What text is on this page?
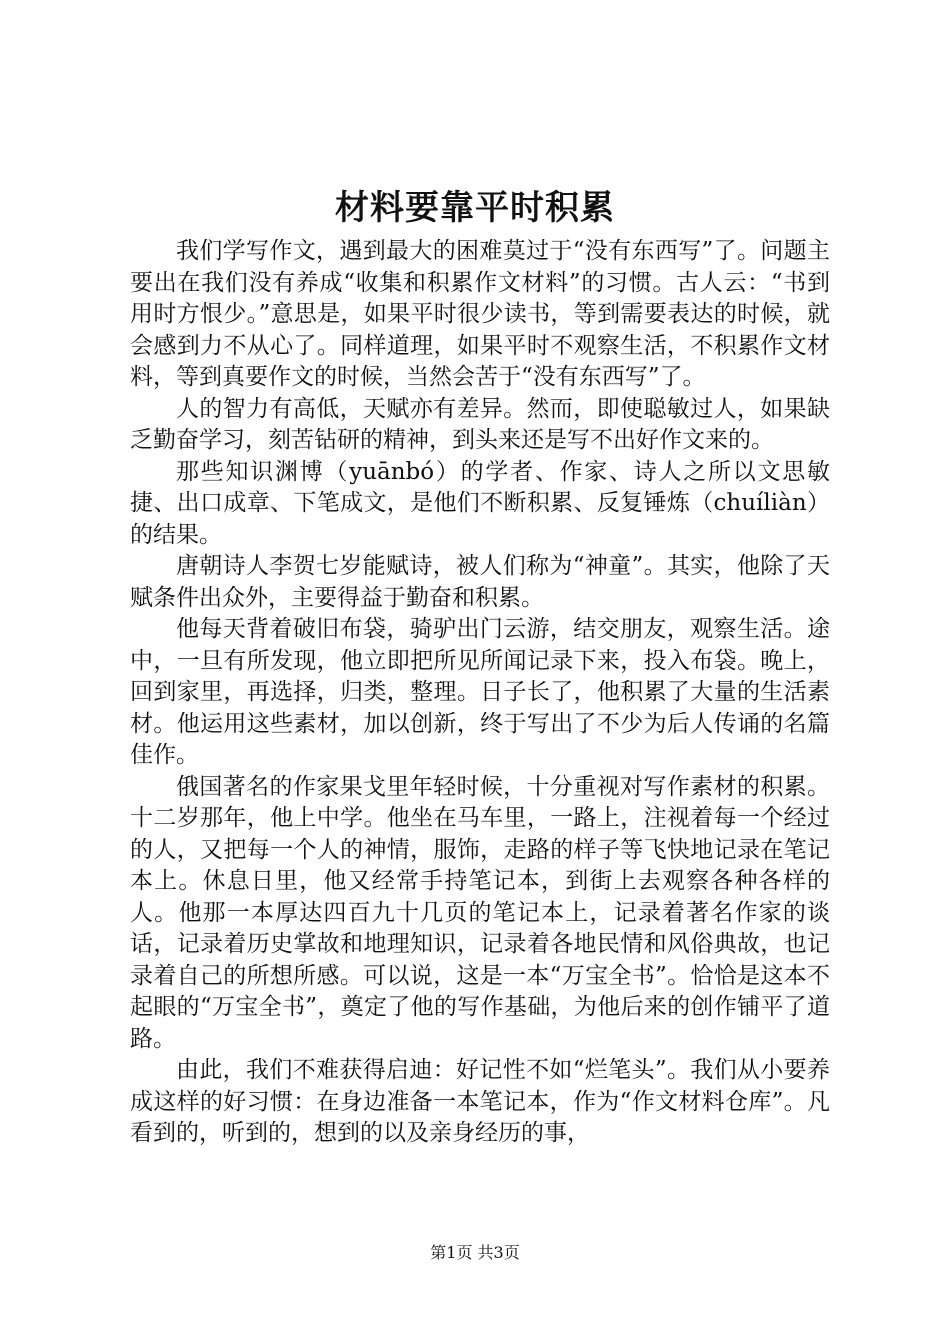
材料要靠平时积累

我们学写作文，遇到最大的困难莫过于“没有东西写”了。问题主要出在我们没有养成“收集和积累作文材料”的习惯。古人云：“书到用时方恨少。”意思是，如果平时很少读书，等到需要表达的时候，就会感到力不从心了。同样道理，如果平时不观察生活，不积累作文材料，等到真要作文的时候，当然会苦于“没有东西写”了。

人的智力有高低，天赋亦有差异。然而，即使聪敏过人，如果缺乏勤奋学习，刻苦钻研的精神，到头来还是写不出好作文来的。

那些知识渊博（yuānbó）的学者、作家、诗人之所以文思敏捷、出口成章、下笔成文，是他们不断积累、反复锤炼（chuíliàn）的结果。

唐朝诗人李贺七岁能赋诗，被人们称为“神童”。其实，他除了天赋条件出众外，主要得益于勤奋和积累。

他每天背着破旧布袋，骑驴出门云游，结交朋友，观察生活。途中，一旦有所发现，他立即把所见所闻记录下来，投入布袋。晚上，回到家里，再选择，归类，整理。日子长了，他积累了大量的生活素材。他运用这些素材，加以创新，终于写出了不少为后人传诵的名篇佳作。

俄国著名的作家果戈里年轻时候，十分重视对写作素材的积累。十二岁那年，他上中学。他坐在马车里，一路上，注视着每一个经过的人，又把每一个人的神情，服饰，走路的样子等飞快地记录在笔记本上。休息日里，他又经常手持笔记本，到街上去观察各种各样的人。他那一本厚达四百九十几页的笔记本上，记录着著名作家的谈话，记录着历史掌故和地理知识，记录着各地民情和风俗典故，也记录着自己的所想所感。可以说，这是一本“万宝全书”。恰恰是这本不起眼的“万宝全书”，奠定了他的写作基础，为他后来的创作铺平了道路。

由此，我们不难获得启迪：好记性不如“烂笔头”。我们从小要养成这样的好习惯：在身边准备一本笔记本，作为“作文材料仓库”。凡看到的，听到的，想到的以及亲身经历的事，

第1页 共3页
